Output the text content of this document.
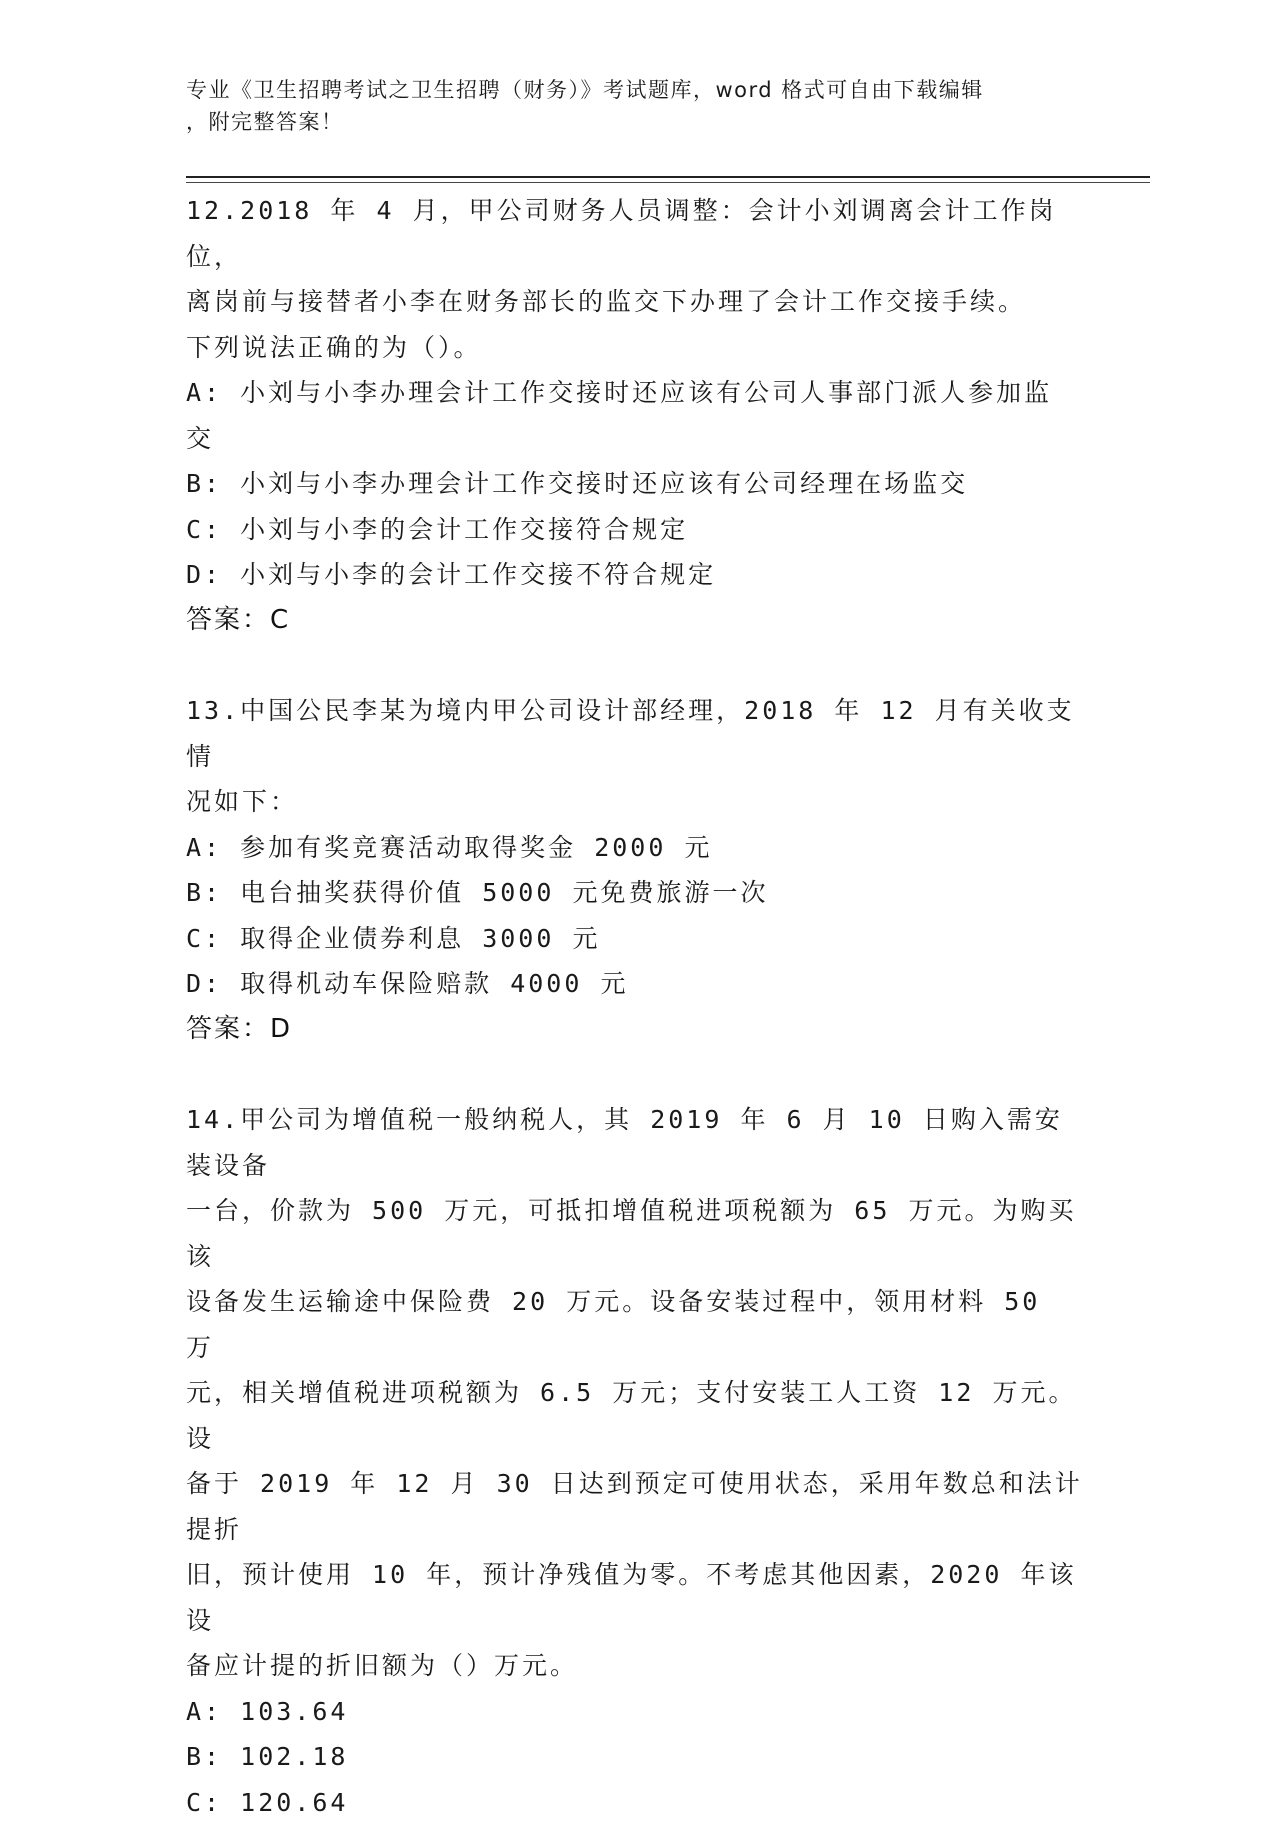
专业《卫生招聘考试之卫生招聘（财务）》考试题库，word 格式可自由下载编辑
，附完整答案！
12.2018 年 4 月，甲公司财务人员调整：会计小刘调离会计工作岗位，
离岗前与接替者小李在财务部长的监交下办理了会计工作交接手续。
下列说法正确的为（）。
A: 小刘与小李办理会计工作交接时还应该有公司人事部门派人参加监
交
B: 小刘与小李办理会计工作交接时还应该有公司经理在场监交
C: 小刘与小李的会计工作交接符合规定
D: 小刘与小李的会计工作交接不符合规定
答案：C
13.中国公民李某为境内甲公司设计部经理，2018 年 12 月有关收支情
况如下：
A: 参加有奖竞赛活动取得奖金 2000 元
B: 电台抽奖获得价值 5000 元免费旅游一次
C: 取得企业债券利息 3000 元
D: 取得机动车保险赔款 4000 元
答案：D
14.甲公司为增值税一般纳税人，其 2019 年 6 月 10 日购入需安装设备
一台，价款为 500 万元，可抵扣增值税进项税额为 65 万元。为购买该
设备发生运输途中保险费 20 万元。设备安装过程中，领用材料 50 万
元，相关增值税进项税额为 6.5 万元；支付安装工人工资 12 万元。设
备于 2019 年 12 月 30 日达到预定可使用状态，采用年数总和法计提折
旧，预计使用 10 年，预计净残值为零。不考虑其他因素，2020 年该设
备应计提的折旧额为（）万元。
A: 103.64
B: 102.18
C: 120.64
